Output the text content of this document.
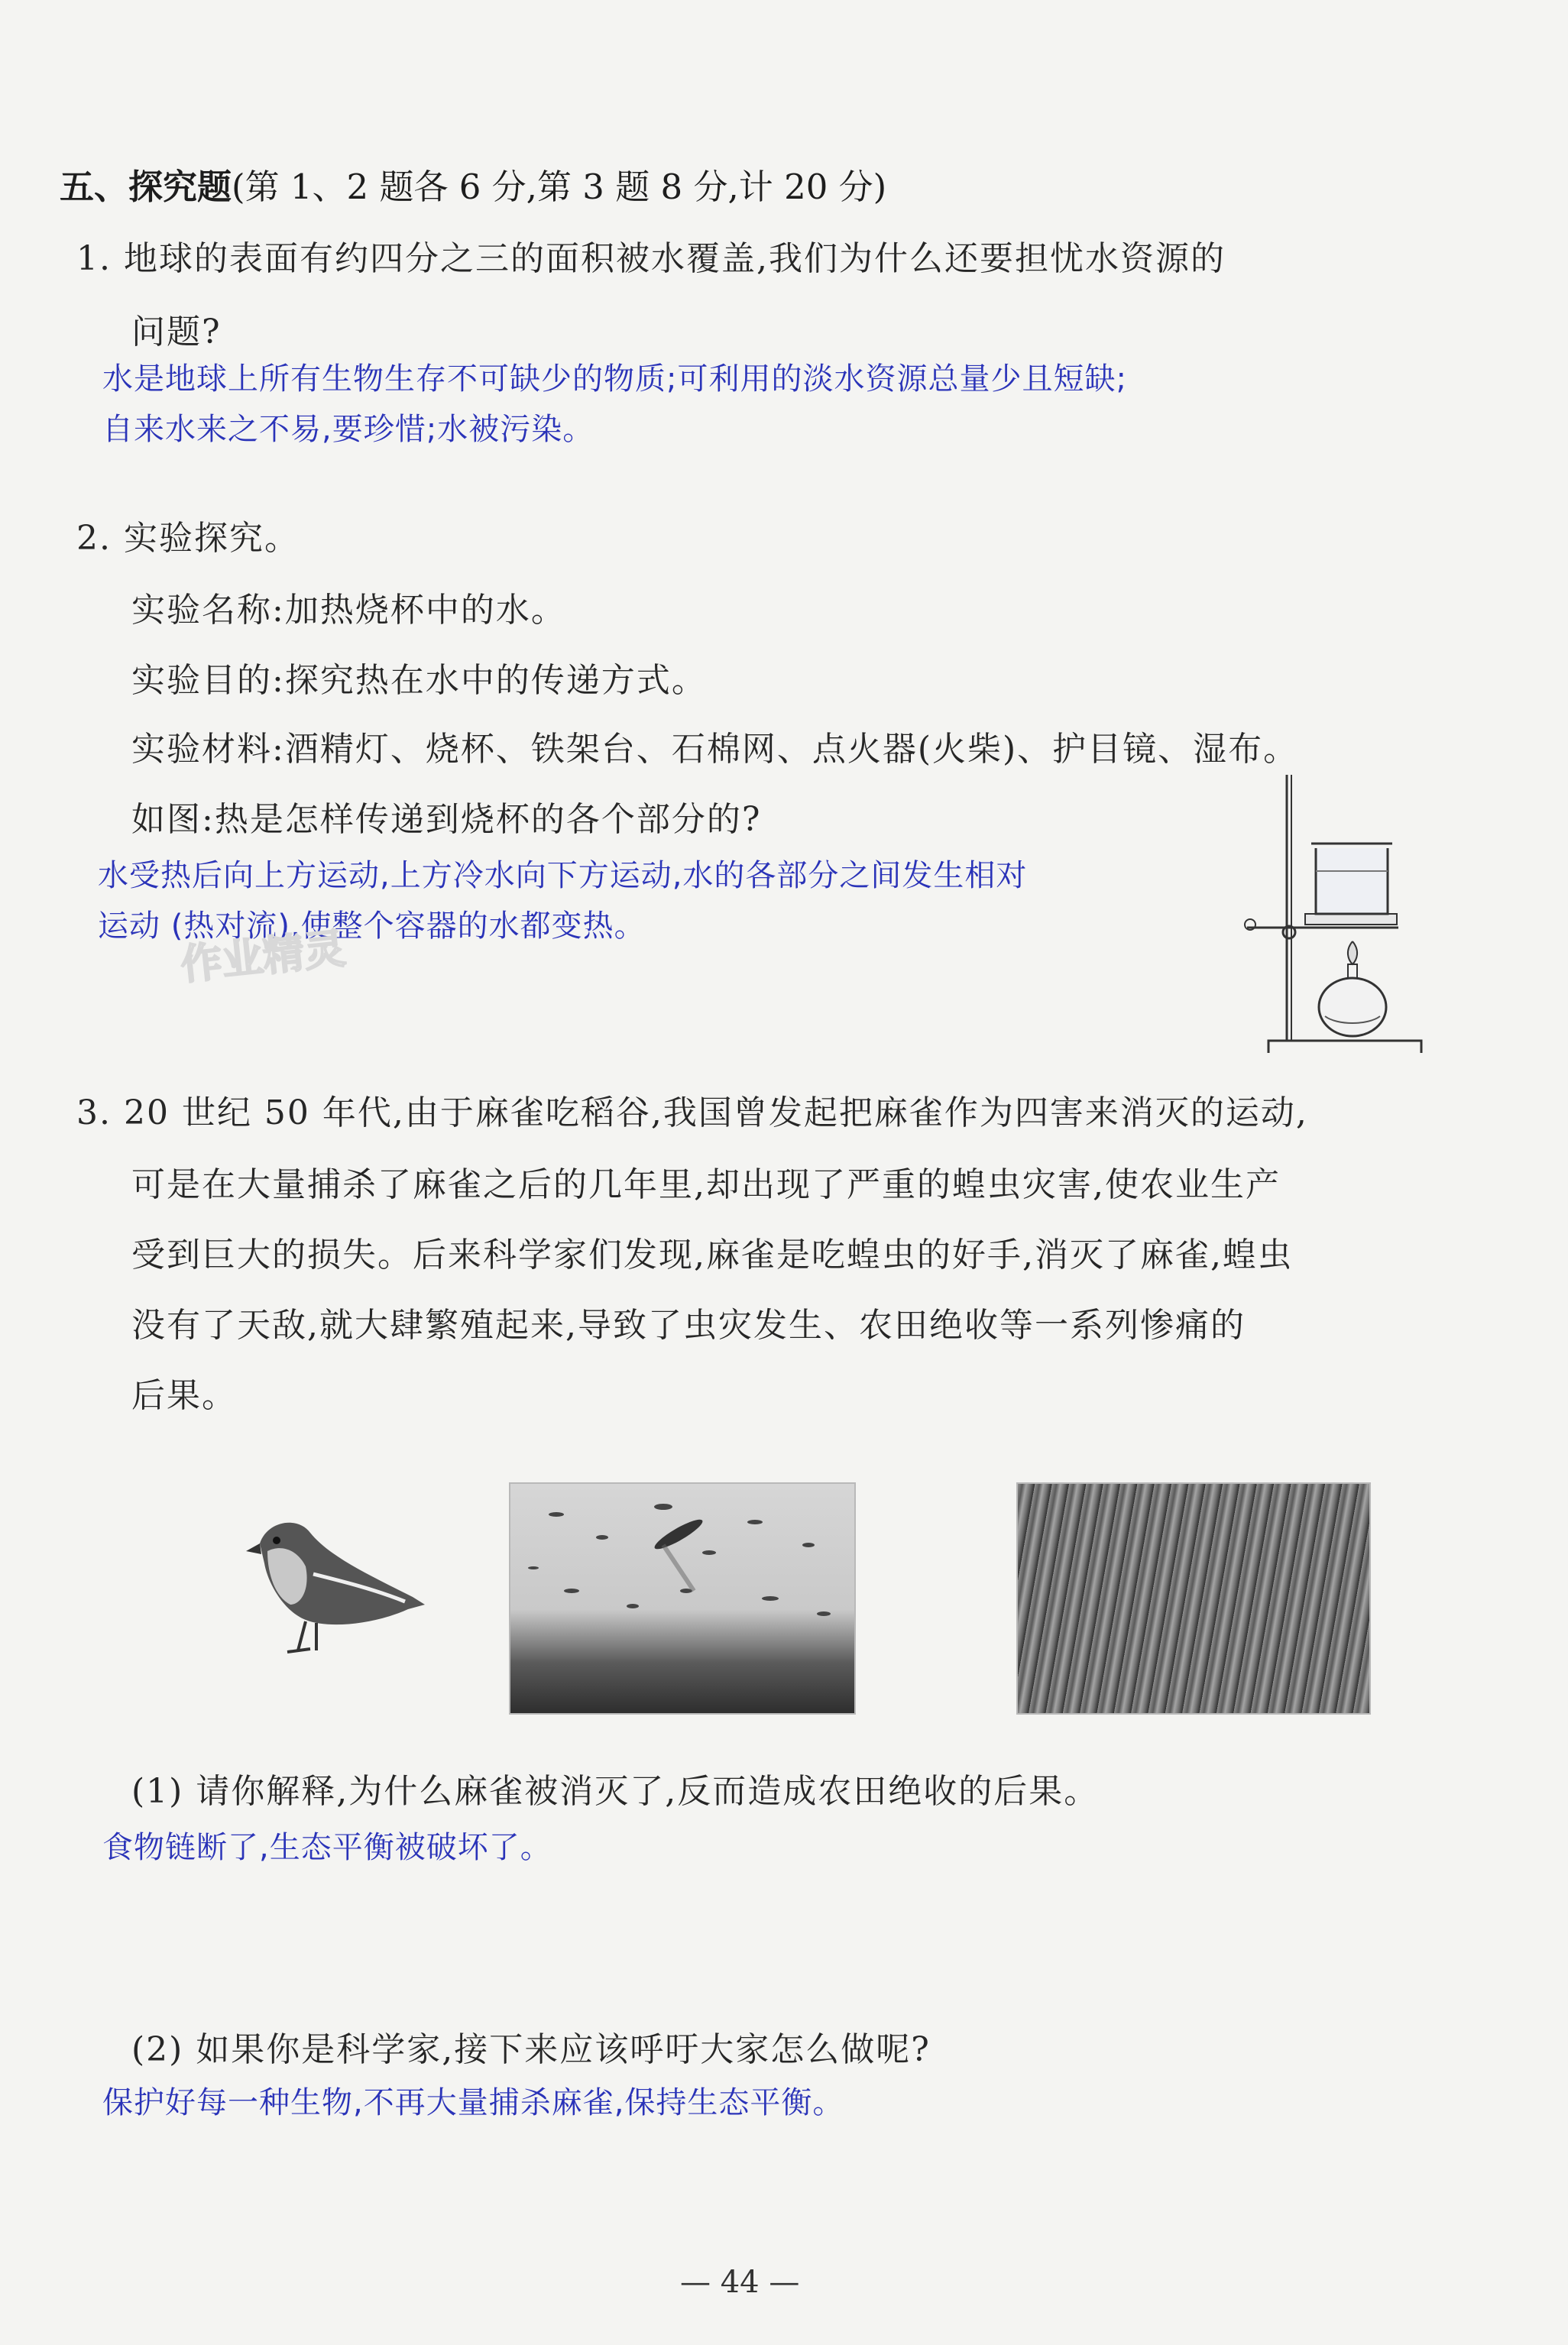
五、探究题(第 1、2 题各 6 分,第 3 题 8 分,计 20 分)
1. 地球的表面有约四分之三的面积被水覆盖,我们为什么还要担忧水资源的
问题?
水是地球上所有生物生存不可缺少的物质;可利用的淡水资源总量少且短缺;
自来水来之不易,要珍惜;水被污染。
2. 实验探究。
实验名称:加热烧杯中的水。
实验目的:探究热在水中的传递方式。
实验材料:酒精灯、烧杯、铁架台、石棉网、点火器(火柴)、护目镜、湿布。
如图:热是怎样传递到烧杯的各个部分的?
水受热后向上方运动,上方冷水向下方运动,水的各部分之间发生相对
运动 (热对流),使整个容器的水都变热。
作业精灵
3. 20 世纪 50 年代,由于麻雀吃稻谷,我国曾发起把麻雀作为四害来消灭的运动,
可是在大量捕杀了麻雀之后的几年里,却出现了严重的蝗虫灾害,使农业生产
受到巨大的损失。后来科学家们发现,麻雀是吃蝗虫的好手,消灭了麻雀,蝗虫
没有了天敌,就大肆繁殖起来,导致了虫灾发生、农田绝收等一系列惨痛的
后果。
(1) 请你解释,为什么麻雀被消灭了,反而造成农田绝收的后果。
食物链断了,生态平衡被破坏了。
(2) 如果你是科学家,接下来应该呼吁大家怎么做呢?
保护好每一种生物,不再大量捕杀麻雀,保持生态平衡。
— 44 —
